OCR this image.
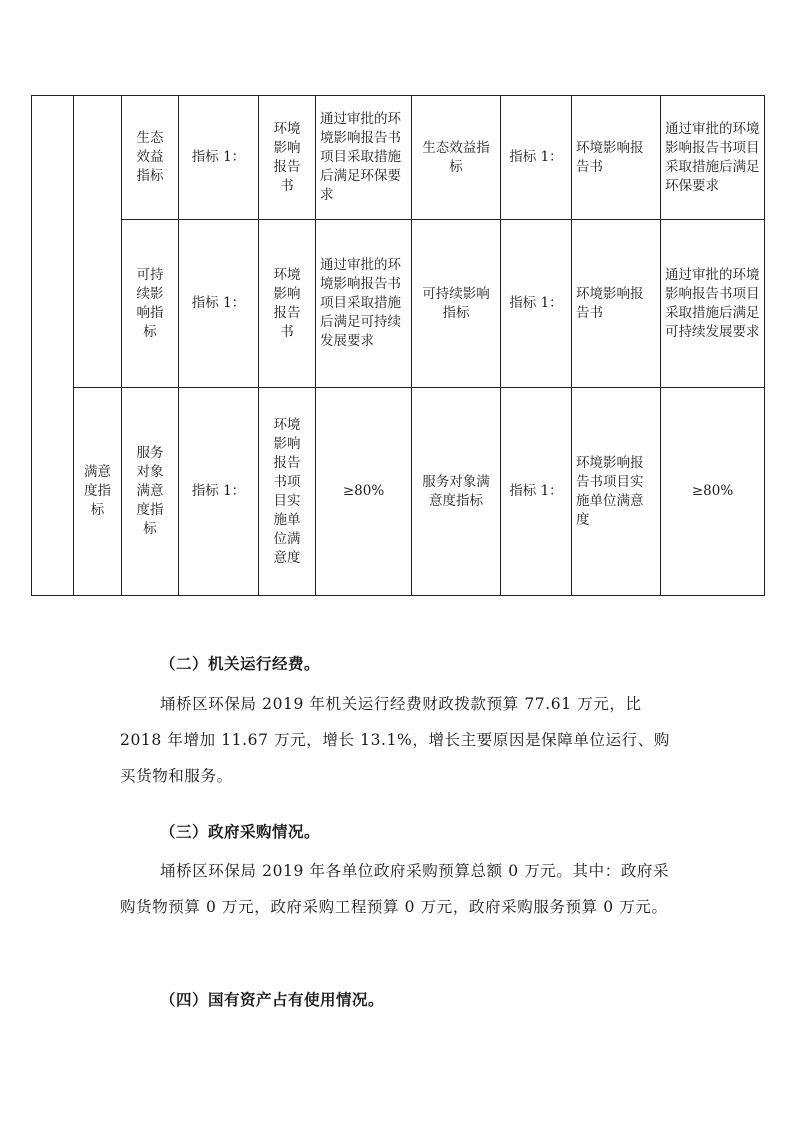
		生态效益指标	指标 1：	环境影响报告书	通过审批的环境影响报告书项目采取措施后满足环保要求	生态效益指标	指标 1：	环境影响报告书	通过审批的环境影响报告书项目采取措施后满足环保要求
		可持续影响指标	指标 1：	环境影响报告书	通过审批的环境影响报告书项目采取措施后满足可持续发展要求	可持续影响指标	指标 1：	环境影响报告书	通过审批的环境影响报告书项目采取措施后满足可持续发展要求
	满意度指标	服务对象满意度指标	指标 1：	环境影响报告书项目实施单位满意度	≥80%	服务对象满意度指标	指标 1：	环境影响报告书项目实施单位满意度	≥80%
（二）机关运行经费。

埇桥区环保局 2019 年机关运行经费财政拨款预算 77.61 万元，比 2018 年增加 11.67 万元，增长 13.1%，增长主要原因是保障单位运行、购买货物和服务。

（三）政府采购情况。

埇桥区环保局 2019 年各单位政府采购预算总额 0 万元。其中：政府采购货物预算 0 万元，政府采购工程预算 0 万元，政府采购服务预算 0 万元。

（四）国有资产占有使用情况。
